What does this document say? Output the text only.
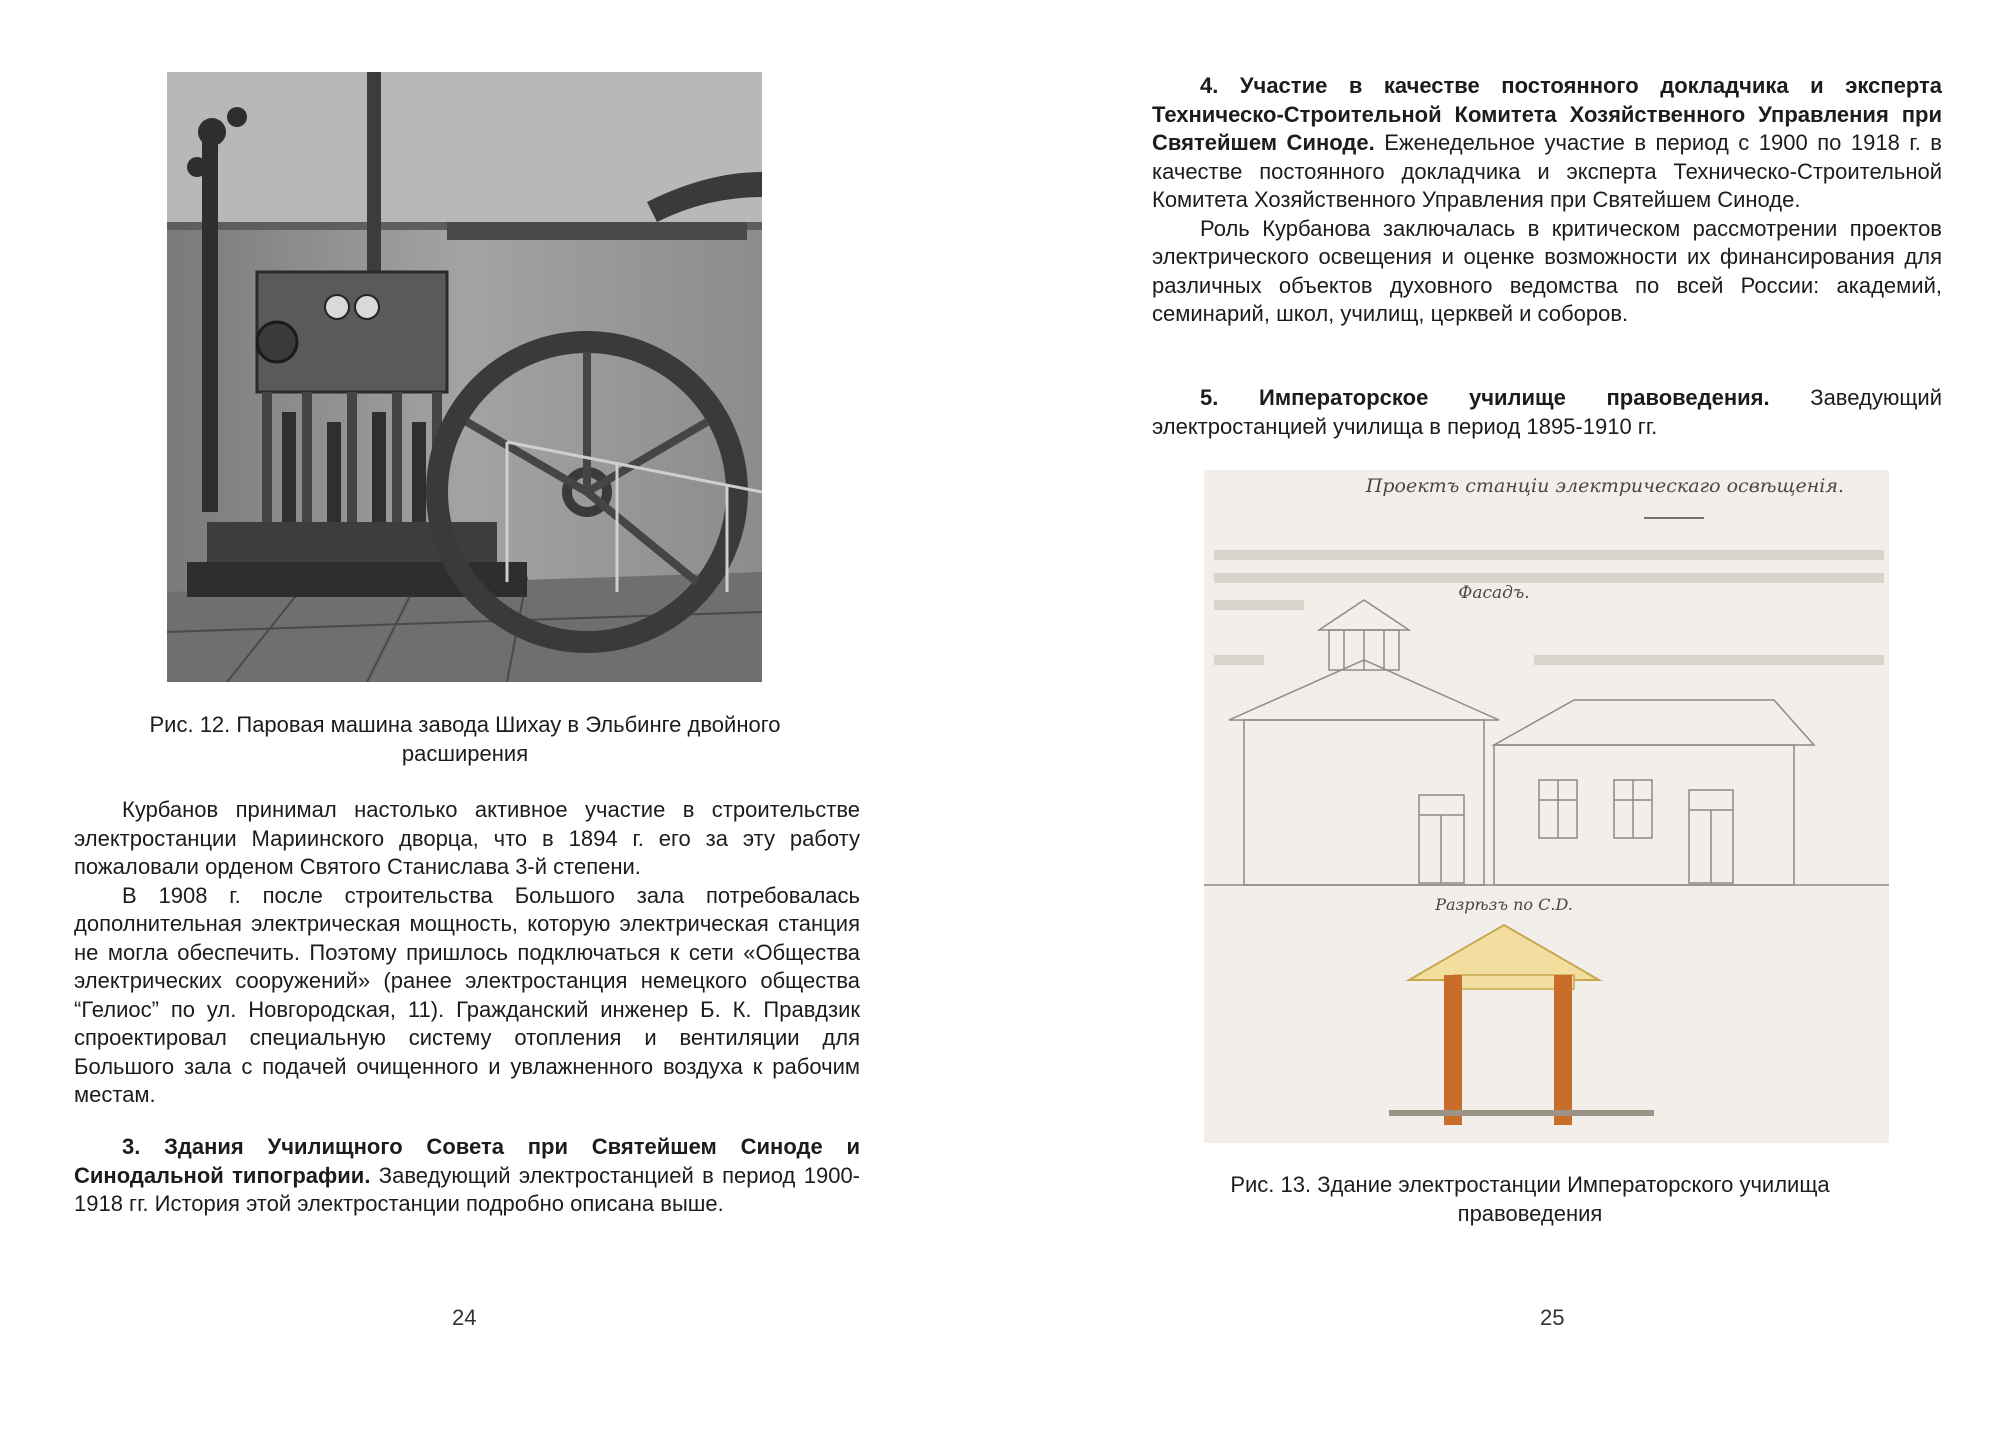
Рис. 12. Паровая машина завода Шихау в Эльбинге двойного
расширения

Курбанов принимал настолько активное участие в строительстве электростанции Мариинского дворца, что в 1894 г. его за эту работу пожаловали орденом Святого Станислава 3-й степени.

В 1908 г. после строительства Большого зала потребовалась дополнительная электрическая мощность, которую электрическая станция не могла обеспечить. Поэтому пришлось подключаться к сети «Общества электрических сооружений» (ранее электростанция немецкого общества “Гелиос” по ул. Новгородская, 11). Гражданский инженер Б. К. Правдзик спроектировал специальную систему отопления и вентиляции для Большого зала с подачей очищенного и увлажненного воздуха к рабочим местам.

3. Здания Училищного Совета при Святейшем Синоде и Синодальной типографии. Заведующий электростанцией в период 1900-1918 гг. История этой электростанции подробно описана выше.

24

4. Участие в качестве постоянного докладчика и эксперта Техническо-Строительной Комитета Хозяйственного Управления при Святейшем Синоде. Еженедельное участие в период с 1900 по 1918 г. в качестве постоянного докладчика и эксперта Техническо-Строительной Комитета Хозяйственного Управления при Святейшем Синоде.

Роль Курбанова заключалась в критическом рассмотрении проектов электрического освещения и оценке возможности их финансирования для различных объектов духовного ведомства по всей России: академий, семинарий, школ, училищ, церквей и соборов.

5. Императорское училище правоведения. Заведующий электростанцией училища в период 1895-1910 гг.

Проектъ станціи электрическаго освѣщенія.
Фасадъ.
Разрѣзъ по С.D.
Рис. 13. Здание электростанции Императорского училища
правоведения
25
